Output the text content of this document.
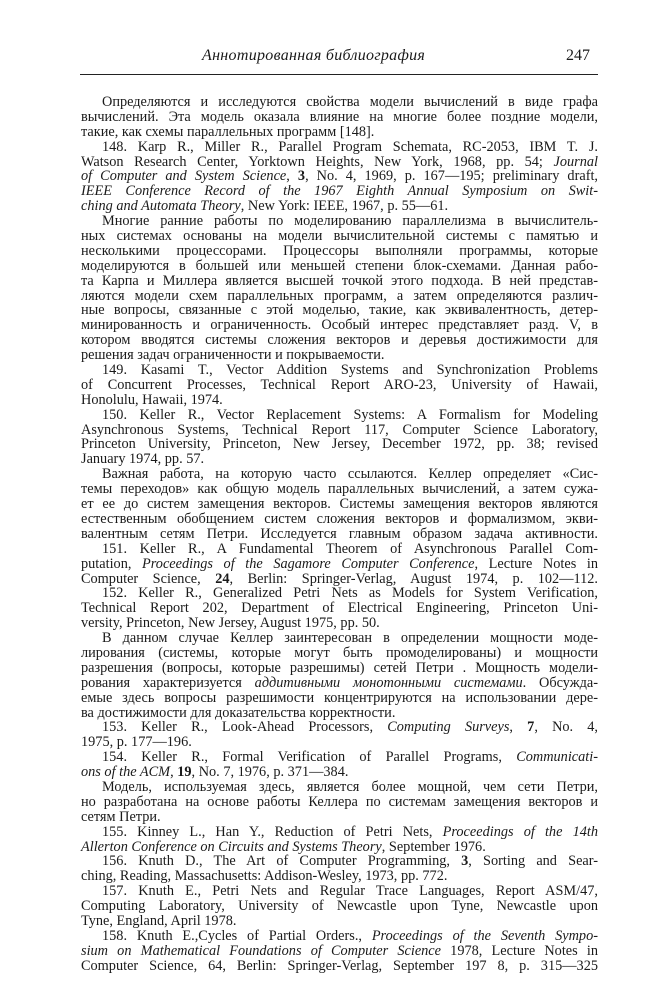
Аннотированная библиография	247
Определяются и исследуются свойства модели вычислений в виде графа
вычислений. Эта модель оказала влияние на многие более поздние модели,
такие, как схемы параллельных программ [148].
148. Karp R., Miller R., Parallel Program Schemata, RC-2053, IBM T. J.
Watson Research Center, Yorktown Heights, New York, 1968, pp. 54; Journal
of Computer and System Science, 3, No. 4, 1969, p. 167—195; preliminary draft,
IEEE Conference Record of the 1967 Eighth Annual Symposium on Swit-
ching and Automata Theory, New York: IEEE, 1967, p. 55—61.
Многие ранние работы по моделированию параллелизма в вычислитель-
ных системах основаны на модели вычислительной системы с памятью и
несколькими процессорами. Процессоры выполняли программы, которые
моделируются в большей или меньшей степени блок-схемами. Данная рабо-
та Карпа и Миллера является высшей точкой этого подхода. В ней представ-
ляются модели схем параллельных программ, а затем определяются различ-
ные вопросы, связанные с этой моделью, такие, как эквивалентность, детер-
минированность и ограниченность. Особый интерес представляет разд. V, в
котором вводятся системы сложения векторов и деревья достижимости для
решения задач ограниченности и покрываемости.
149. Kasami T., Vector Addition Systems and Synchronization Problems
of Concurrent Processes, Technical Report ARO-23, University of Hawaii,
Honolulu, Hawaii, 1974.
150. Keller R., Vector Replacement Systems: A Formalism for Modeling
Asynchronous Systems, Technical Report 117, Computer Science Laboratory,
Princeton University, Princeton, New Jersey, December 1972, pp. 38; revised
January 1974, pp. 57.
Важная работа, на которую часто ссылаются. Келлер определяет «Сис-
темы переходов» как общую модель параллельных вычислений, а затем сужа-
ет ее до систем замещения векторов. Системы замещения векторов являются
естественным обобщением систем сложения векторов и формализмом, экви-
валентным сетям Петри. Исследуется главным образом задача активности.
151. Keller R., A Fundamental Theorem of Asynchronous Parallel Com-
putation, Proceedings of the Sagamore Computer Conference, Lecture Notes in
Computer Science, 24, Berlin: Springer-Verlag, August 1974, p. 102—112.
152. Keller R., Generalized Petri Nets as Models for System Verification,
Technical Report 202, Department of Electrical Engineering, Princeton Uni-
versity, Princeton, New Jersey, August 1975, pp. 50.
В данном случае Келлер заинтересован в определении мощности моде-
лирования (системы, которые могут быть промоделированы) и мощности
разрешения (вопросы, которые разрешимы) сетей Петри . Мощность модели-
рования характеризуется аддитивными монотонными системами. Обсужда-
емые здесь вопросы разрешимости концентрируются на использовании дере-
ва достижимости для доказательства корректности.
153. Keller R., Look-Ahead Processors, Computing Surveys, 7, No. 4,
1975, p. 177—196.
154. Keller R., Formal Verification of Parallel Programs, Communicati-
ons of the ACM, 19, No. 7, 1976, p. 371—384.
Модель, используемая здесь, является более мощной, чем сети Петри,
но разработана на основе работы Келлера по системам замещения векторов и
сетям Петри.
155. Kinney L., Han Y., Reduction of Petri Nets, Proceedings of the 14th
Allerton Conference on Circuits and Systems Theory, September 1976.
156. Knuth D., The Art of Computer Programming, 3, Sorting and Sear-
ching, Reading, Massachusetts: Addison-Wesley, 1973, pp. 772.
157. Knuth E., Petri Nets and Regular Trace Languages, Report ASM/47,
Computing Laboratory, University of Newcastle upon Tyne, Newcastle upon
Tyne, England, April 1978.
158. Knuth E.,Cycles of Partial Orders., Proceedings of the Seventh Sympo-
sium on Mathematical Foundations of Computer Science 1978, Lecture Notes in
Computer Science, 64, Berlin: Springer-Verlag, September 197 8, p. 315—325
